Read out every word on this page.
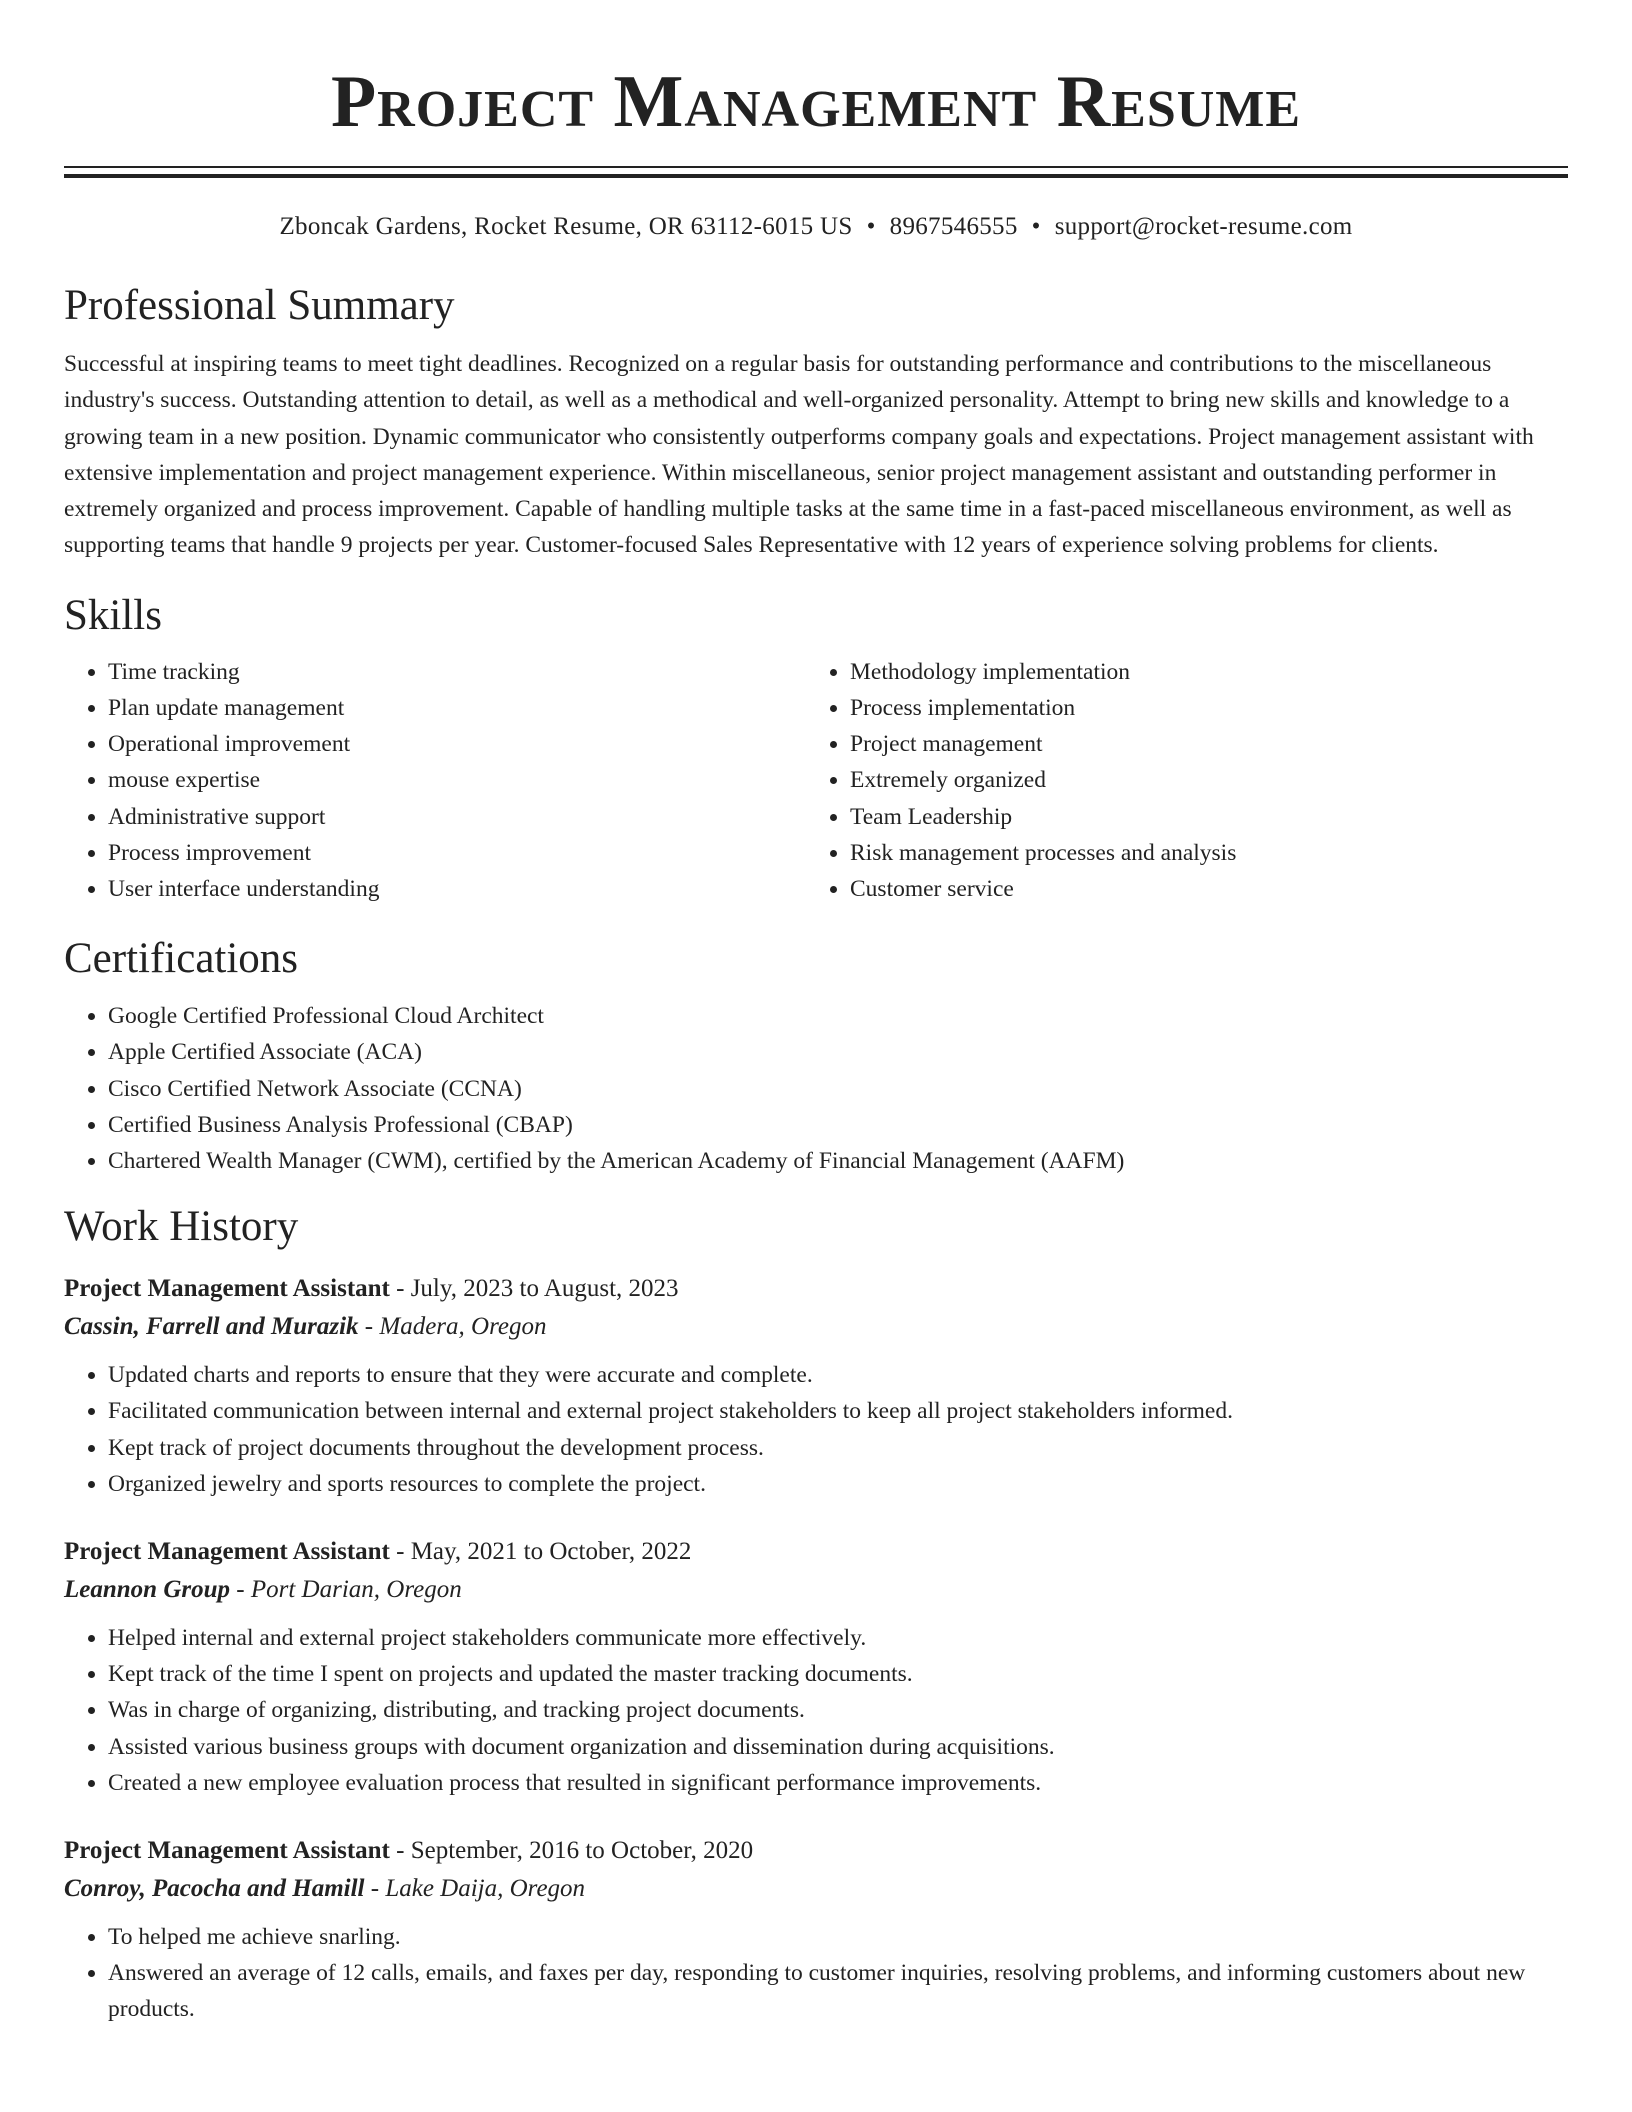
Project Management Resume
Zboncak Gardens, Rocket Resume, OR 63112-6015 US • 8967546555 • support@rocket-resume.com
Professional Summary

Successful at inspiring teams to meet tight deadlines. Recognized on a regular basis for outstanding performance and contributions to the miscellaneous industry's success. Outstanding attention to detail, as well as a methodical and well-organized personality. Attempt to bring new skills and knowledge to a growing team in a new position. Dynamic communicator who consistently outperforms company goals and expectations. Project management assistant with extensive implementation and project management experience. Within miscellaneous, senior project management assistant and outstanding performer in extremely organized and process improvement. Capable of handling multiple tasks at the same time in a fast-paced miscellaneous environment, as well as supporting teams that handle 9 projects per year. Customer-focused Sales Representative with 12 years of experience solving problems for clients.

Skills
• Time tracking
• Plan update management
• Operational improvement
• mouse expertise
• Administrative support
• Process improvement
• User interface understanding
• Methodology implementation
• Process implementation
• Project management
• Extremely organized
• Team Leadership
• Risk management processes and analysis
• Customer service
Certifications
• Google Certified Professional Cloud Architect
• Apple Certified Associate (ACA)
• Cisco Certified Network Associate (CCNA)
• Certified Business Analysis Professional (CBAP)
• Chartered Wealth Manager (CWM), certified by the American Academy of Financial Management (AAFM)
Work History
Project Management Assistant - July, 2023 to August, 2023
Cassin, Farrell and Murazik - Madera, Oregon
• Updated charts and reports to ensure that they were accurate and complete.
• Facilitated communication between internal and external project stakeholders to keep all project stakeholders informed.
• Kept track of project documents throughout the development process.
• Organized jewelry and sports resources to complete the project.
Project Management Assistant - May, 2021 to October, 2022
Leannon Group - Port Darian, Oregon
• Helped internal and external project stakeholders communicate more effectively.
• Kept track of the time I spent on projects and updated the master tracking documents.
• Was in charge of organizing, distributing, and tracking project documents.
• Assisted various business groups with document organization and dissemination during acquisitions.
• Created a new employee evaluation process that resulted in significant performance improvements.
Project Management Assistant - September, 2016 to October, 2020
Conroy, Pacocha and Hamill - Lake Daija, Oregon
• To helped me achieve snarling.
• Answered an average of 12 calls, emails, and faxes per day, responding to customer inquiries, resolving problems, and informing customers about new products.
